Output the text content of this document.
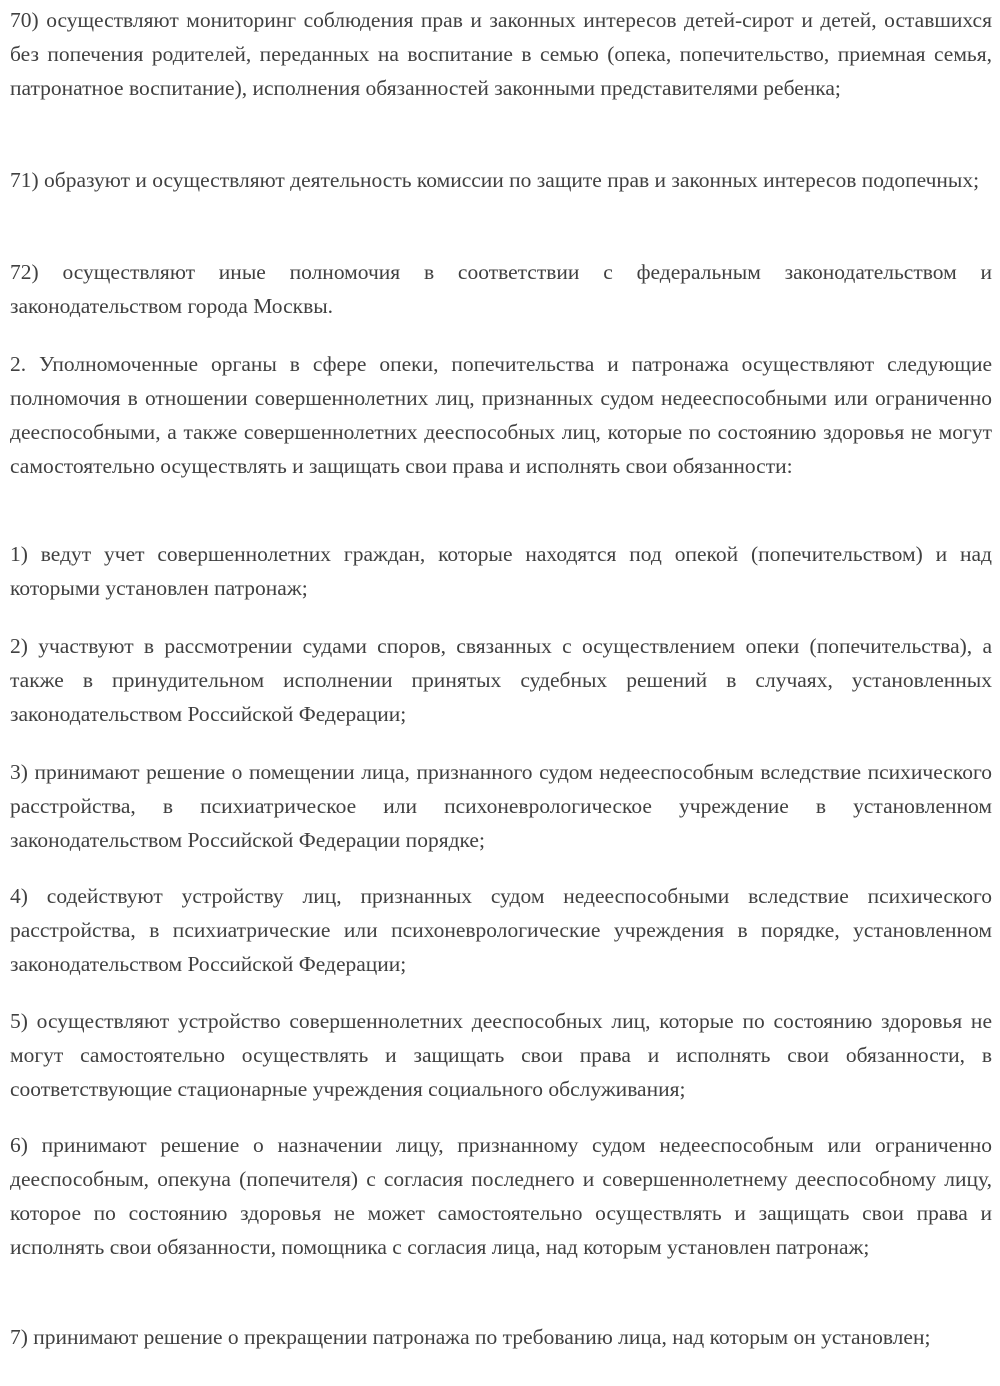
70) осуществляют мониторинг соблюдения прав и законных интересов детей-сирот и детей, оставшихся без попечения родителей, переданных на воспитание в семью (опека, попечительство, приемная семья, патронатное воспитание), исполнения обязанностей законными представителями ребенка;

71) образуют и осуществляют деятельность комиссии по защите прав и законных интересов подопечных;

72) осуществляют иные полномочия в соответствии с федеральным законодательством и законодательством города Москвы.

2. Уполномоченные органы в сфере опеки, попечительства и патронажа осуществляют следующие полномочия в отношении совершеннолетних лиц, признанных судом недееспособными или ограниченно дееспособными, а также совершеннолетних дееспособных лиц, которые по состоянию здоровья не могут самостоятельно осуществлять и защищать свои права и исполнять свои обязанности:

1) ведут учет совершеннолетних граждан, которые находятся под опекой (попечительством) и над которыми установлен патронаж;

2) участвуют в рассмотрении судами споров, связанных с осуществлением опеки (попечительства), а также в принудительном исполнении принятых судебных решений в случаях, установленных законодательством Российской Федерации;

3) принимают решение о помещении лица, признанного судом недееспособным вследствие психического расстройства, в психиатрическое или психоневрологическое учреждение в установленном законодательством Российской Федерации порядке;

4) содействуют устройству лиц, признанных судом недееспособными вследствие психического расстройства, в психиатрические или психоневрологические учреждения в порядке, установленном законодательством Российской Федерации;

5) осуществляют устройство совершеннолетних дееспособных лиц, которые по состоянию здоровья не могут самостоятельно осуществлять и защищать свои права и исполнять свои обязанности, в соответствующие стационарные учреждения социального обслуживания;

6) принимают решение о назначении лицу, признанному судом недееспособным или ограниченно дееспособным, опекуна (попечителя) с согласия последнего и совершеннолетнему дееспособному лицу, которое по состоянию здоровья не может самостоятельно осуществлять и защищать свои права и исполнять свои обязанности, помощника с согласия лица, над которым установлен патронаж;

7) принимают решение о прекращении патронажа по требованию лица, над которым он установлен;
